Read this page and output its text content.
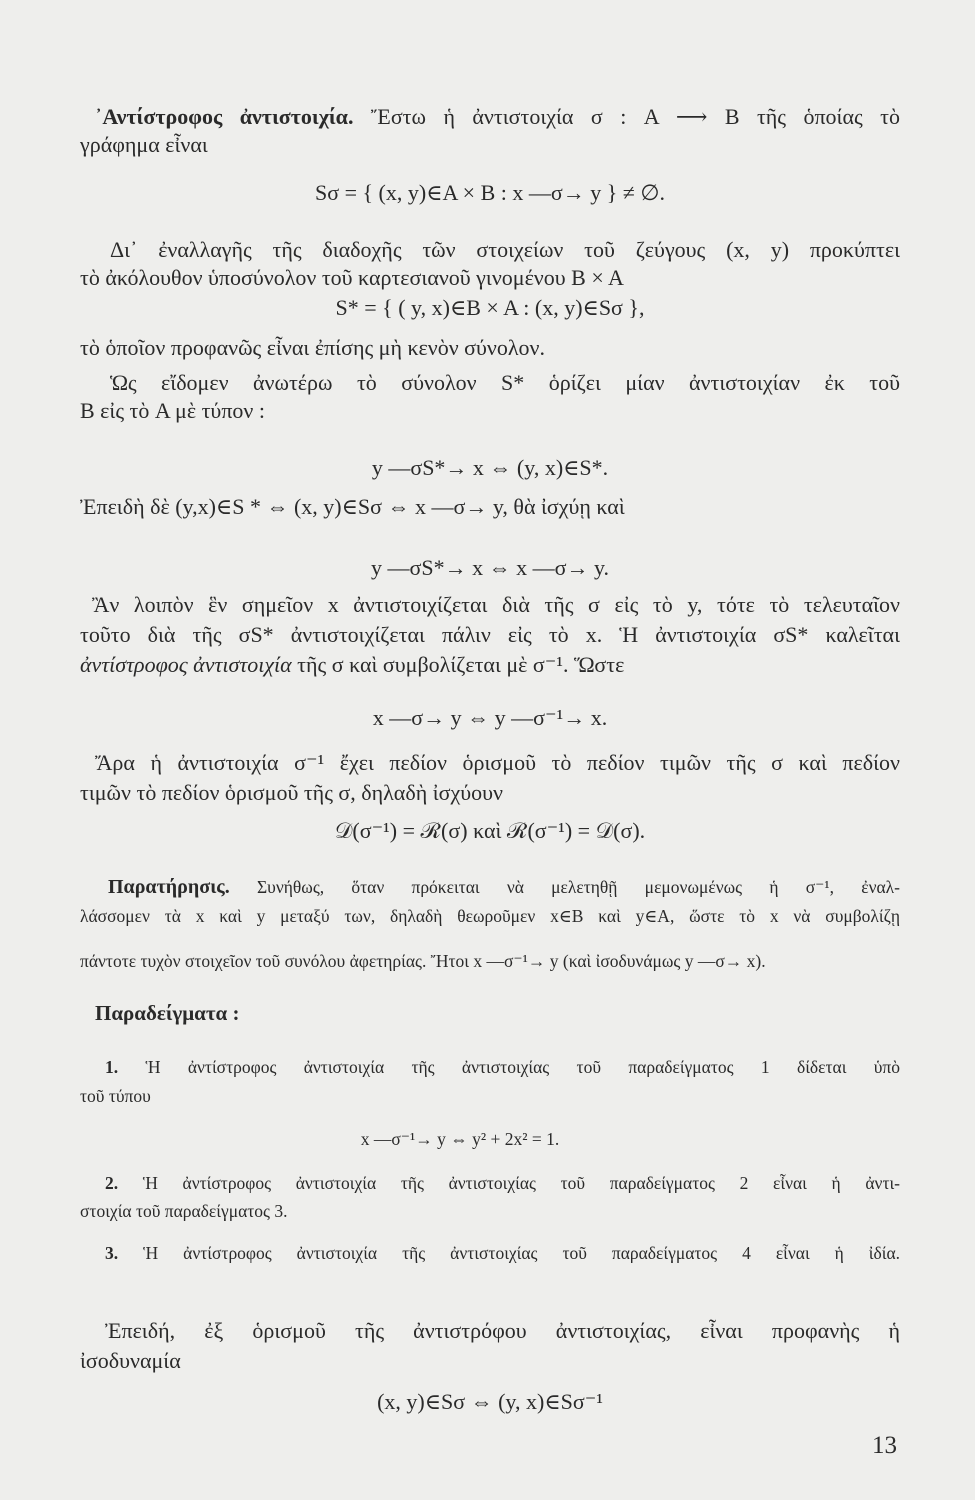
᾿Αντίστροφος ἀντιστοιχία. Ἔστω ἡ ἀντιστοιχία σ : A ⟶ B τῆς ὁποίας τὸ
γράφημα εἶναι
Sσ = { (x, y)∈A × B : x —σ→ y } ≠ ∅.
Δι᾿ ἐναλλαγῆς τῆς διαδοχῆς τῶν στοιχείων τοῦ ζεύγους (x, y) προκύπτει
τὸ ἀκόλουθον ὑποσύνολον τοῦ καρτεσιανοῦ γινομένου B × A
S* = { ( y, x)∈B × A : (x, y)∈Sσ },
τὸ ὁποῖον προφανῶς εἶναι ἐπίσης μὴ κενὸν σύνολον.
Ὡς εἴδομεν ἀνωτέρω τὸ σύνολον S* ὁρίζει μίαν ἀντιστοιχίαν ἐκ τοῦ
B εἰς τὸ A μὲ τύπον :
y —σS*→ x ⇔ (y, x)∈S*.
Ἐπειδὴ δὲ (y,x)∈S * ⇔ (x, y)∈Sσ ⇔ x —σ→ y, θὰ ἰσχύῃ καὶ
y —σS*→ x ⇔ x —σ→ y.
Ἂν λοιπὸν ἓν σημεῖον x ἀντιστοιχίζεται διὰ τῆς σ εἰς τὸ y, τότε τὸ τελευταῖον
τοῦτο διὰ τῆς σS* ἀντιστοιχίζεται πάλιν εἰς τὸ x. Ἡ ἀντιστοιχία σS* καλεῖται
ἀντίστροφος ἀντιστοιχία τῆς σ καὶ συμβολίζεται μὲ σ⁻¹. Ὥστε
x —σ→ y ⇔ y —σ⁻¹→ x.
Ἄρα ἡ ἀντιστοιχία σ⁻¹ ἔχει πεδίον ὁρισμοῦ τὸ πεδίον τιμῶν τῆς σ καὶ πεδίον
τιμῶν τὸ πεδίον ὁρισμοῦ τῆς σ, δηλαδὴ ἰσχύουν
𝒟(σ⁻¹) = ℛ(σ) καὶ ℛ(σ⁻¹) = 𝒟(σ).
Παρατήρησις. Συνήθως, ὅταν πρόκειται νὰ μελετηθῇ μεμονωμένως ἡ σ⁻¹, ἐναλ-
λάσσομεν τὰ x καὶ y μεταξύ των, δηλαδὴ θεωροῦμεν x∈B καὶ y∈A, ὥστε τὸ x νὰ συμβολίζῃ
πάντοτε τυχὸν στοιχεῖον τοῦ συνόλου ἀφετηρίας. Ἤτοι x —σ⁻¹→ y (καὶ ἰσοδυνάμως y —σ→ x).
Παραδείγματα :
1. Ἡ ἀντίστροφος ἀντιστοιχία τῆς ἀντιστοιχίας τοῦ παραδείγματος 1 δίδεται ὑπὸ
τοῦ τύπου
x —σ⁻¹→ y ⇔ y² + 2x² = 1.
2. Ἡ ἀντίστροφος ἀντιστοιχία τῆς ἀντιστοιχίας τοῦ παραδείγματος 2 εἶναι ἡ ἀντι-
στοιχία τοῦ παραδείγματος 3.
3. Ἡ ἀντίστροφος ἀντιστοιχία τῆς ἀντιστοιχίας τοῦ παραδείγματος 4 εἶναι ἡ ἰδία.
Ἐπειδή, ἐξ ὁρισμοῦ τῆς ἀντιστρόφου ἀντιστοιχίας, εἶναι προφανὴς ἡ
ἰσοδυναμία
(x, y)∈Sσ ⇔ (y, x)∈Sσ⁻¹
13
